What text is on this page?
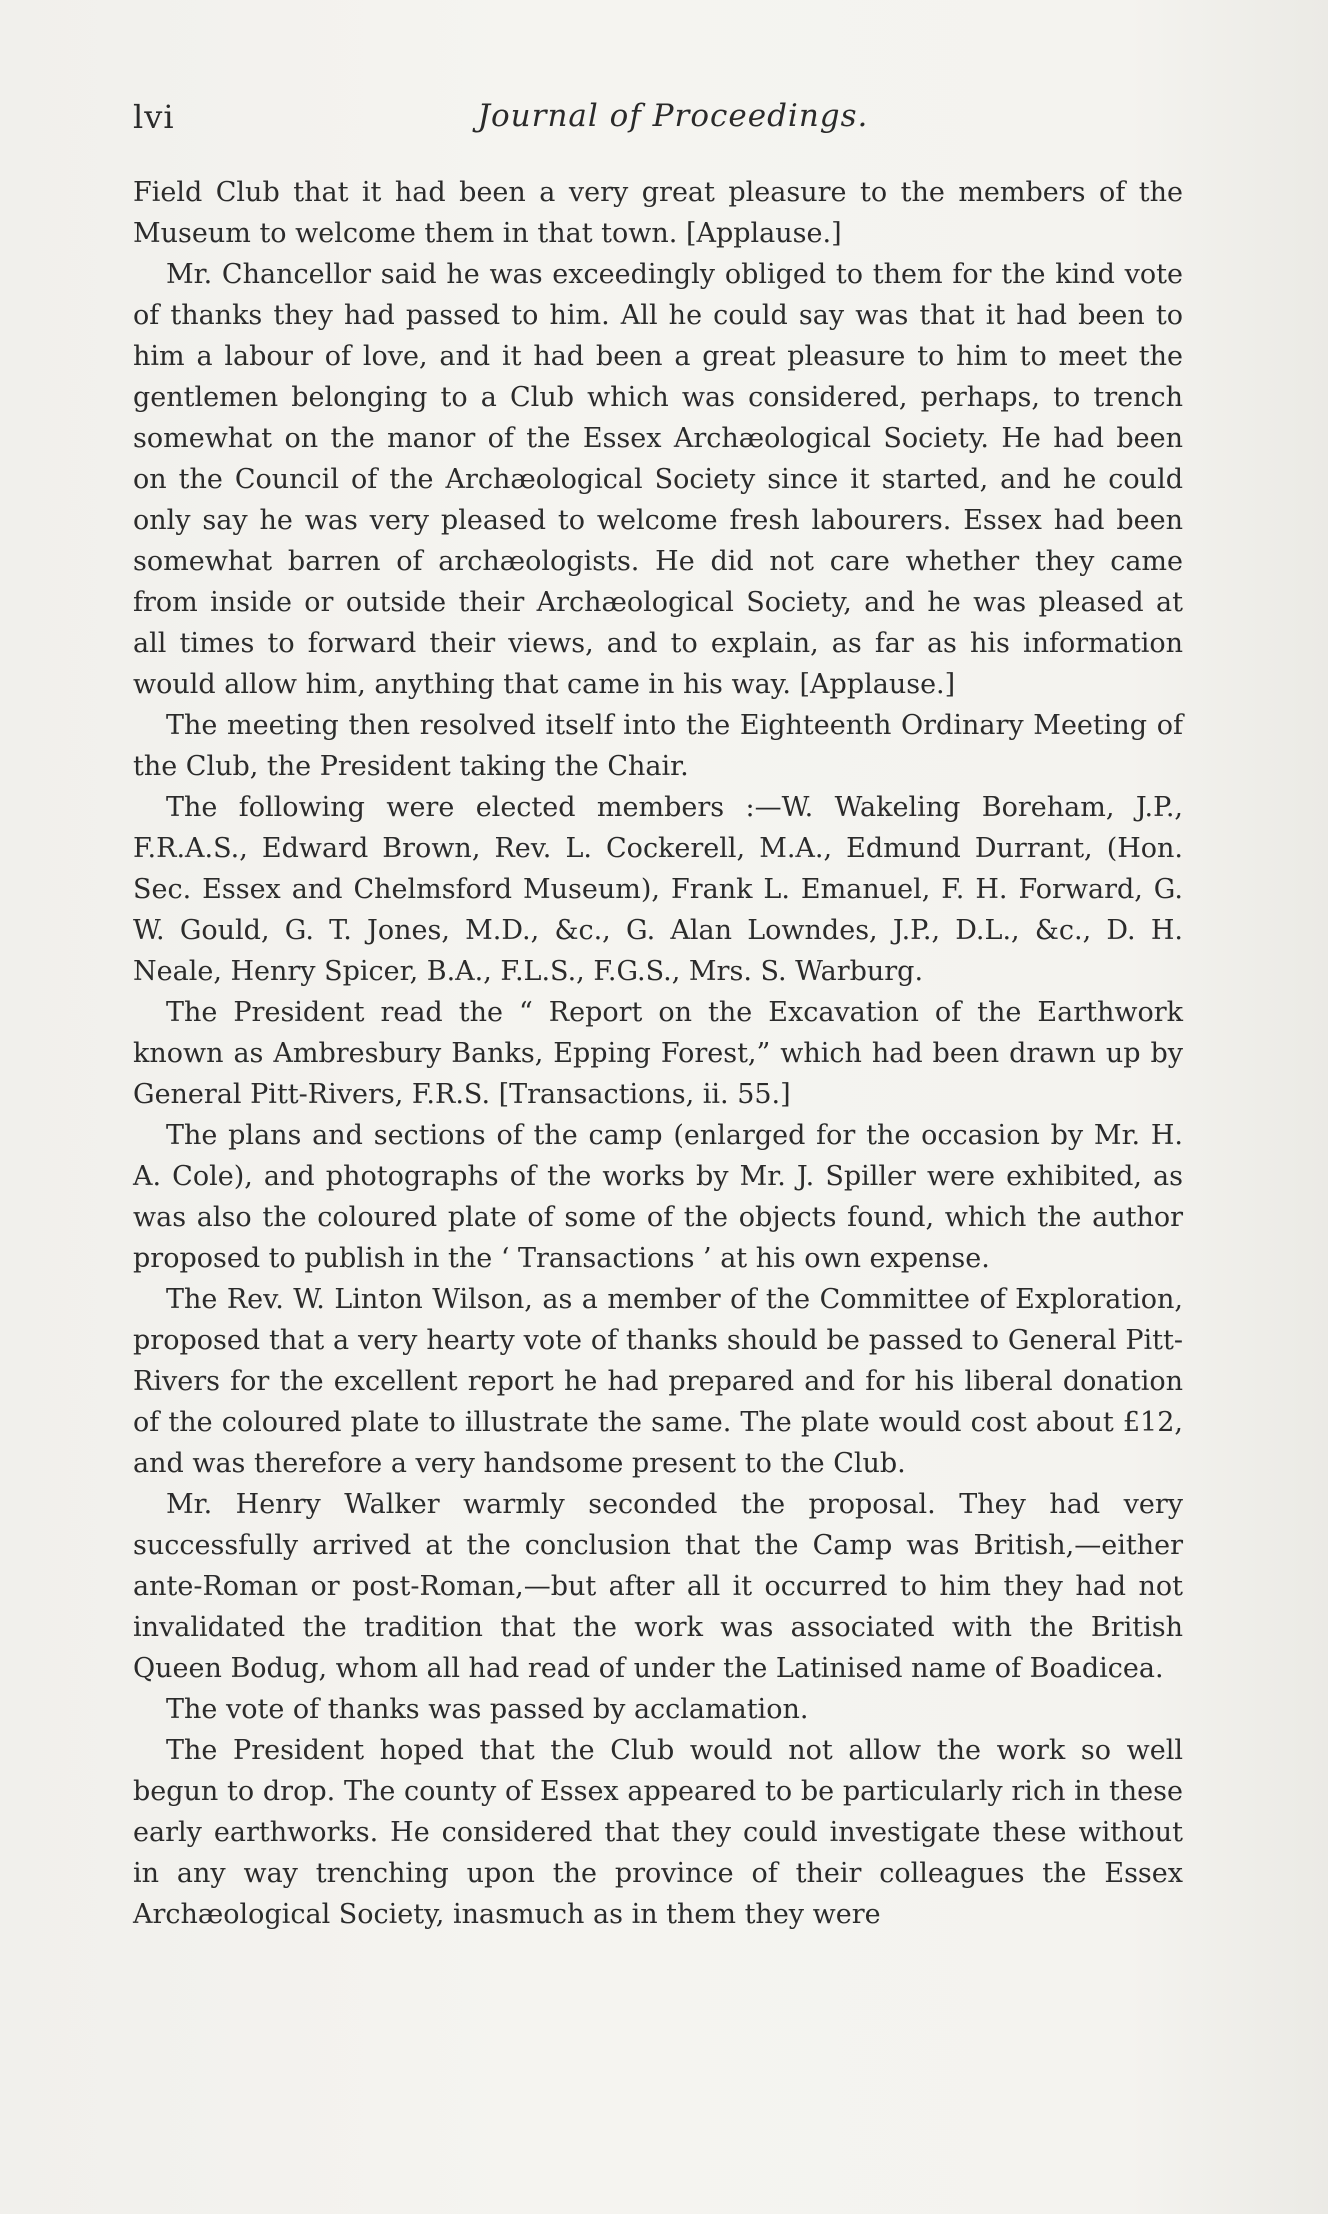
lvi	Journal of Proceedings.

Field Club that it had been a very great pleasure to the members of the Museum to welcome them in that town. [Applause.]

Mr. Chancellor said he was exceedingly obliged to them for the kind vote of thanks they had passed to him. All he could say was that it had been to him a labour of love, and it had been a great pleasure to him to meet the gentlemen belonging to a Club which was considered, perhaps, to trench somewhat on the manor of the Essex Archæological Society. He had been on the Council of the Archæological Society since it started, and he could only say he was very pleased to welcome fresh labourers. Essex had been somewhat barren of archæologists. He did not care whether they came from inside or outside their Archæological Society, and he was pleased at all times to forward their views, and to explain, as far as his information would allow him, anything that came in his way. [Applause.]

The meeting then resolved itself into the Eighteenth Ordinary Meeting of the Club, the President taking the Chair.

The following were elected members :—W. Wakeling Boreham, J.P., F.R.A.S., Edward Brown, Rev. L. Cockerell, M.A., Edmund Durrant, (Hon. Sec. Essex and Chelmsford Museum), Frank L. Emanuel, F. H. Forward, G. W. Gould, G. T. Jones, M.D., &c., G. Alan Lowndes, J.P., D.L., &c., D. H. Neale, Henry Spicer, B.A., F.L.S., F.G.S., Mrs. S. Warburg.

The President read the “ Report on the Excavation of the Earthwork known as Ambresbury Banks, Epping Forest,” which had been drawn up by General Pitt-Rivers, F.R.S. [Transactions, ii. 55.]

The plans and sections of the camp (enlarged for the occasion by Mr. H. A. Cole), and photographs of the works by Mr. J. Spiller were exhibited, as was also the coloured plate of some of the objects found, which the author proposed to publish in the ‘ Transactions ’ at his own expense.

The Rev. W. Linton Wilson, as a member of the Committee of Exploration, proposed that a very hearty vote of thanks should be passed to General Pitt-Rivers for the excellent report he had prepared and for his liberal donation of the coloured plate to illustrate the same. The plate would cost about £12, and was therefore a very handsome present to the Club.

Mr. Henry Walker warmly seconded the proposal. They had very successfully arrived at the conclusion that the Camp was British,—either ante-Roman or post-Roman,—but after all it occurred to him they had not invalidated the tradition that the work was associated with the British Queen Bodug, whom all had read of under the Latinised name of Boadicea.

The vote of thanks was passed by acclamation.

The President hoped that the Club would not allow the work so well begun to drop. The county of Essex appeared to be particularly rich in these early earthworks. He considered that they could investigate these without in any way trenching upon the province of their colleagues the Essex Archæological Society, inasmuch as in them they were
